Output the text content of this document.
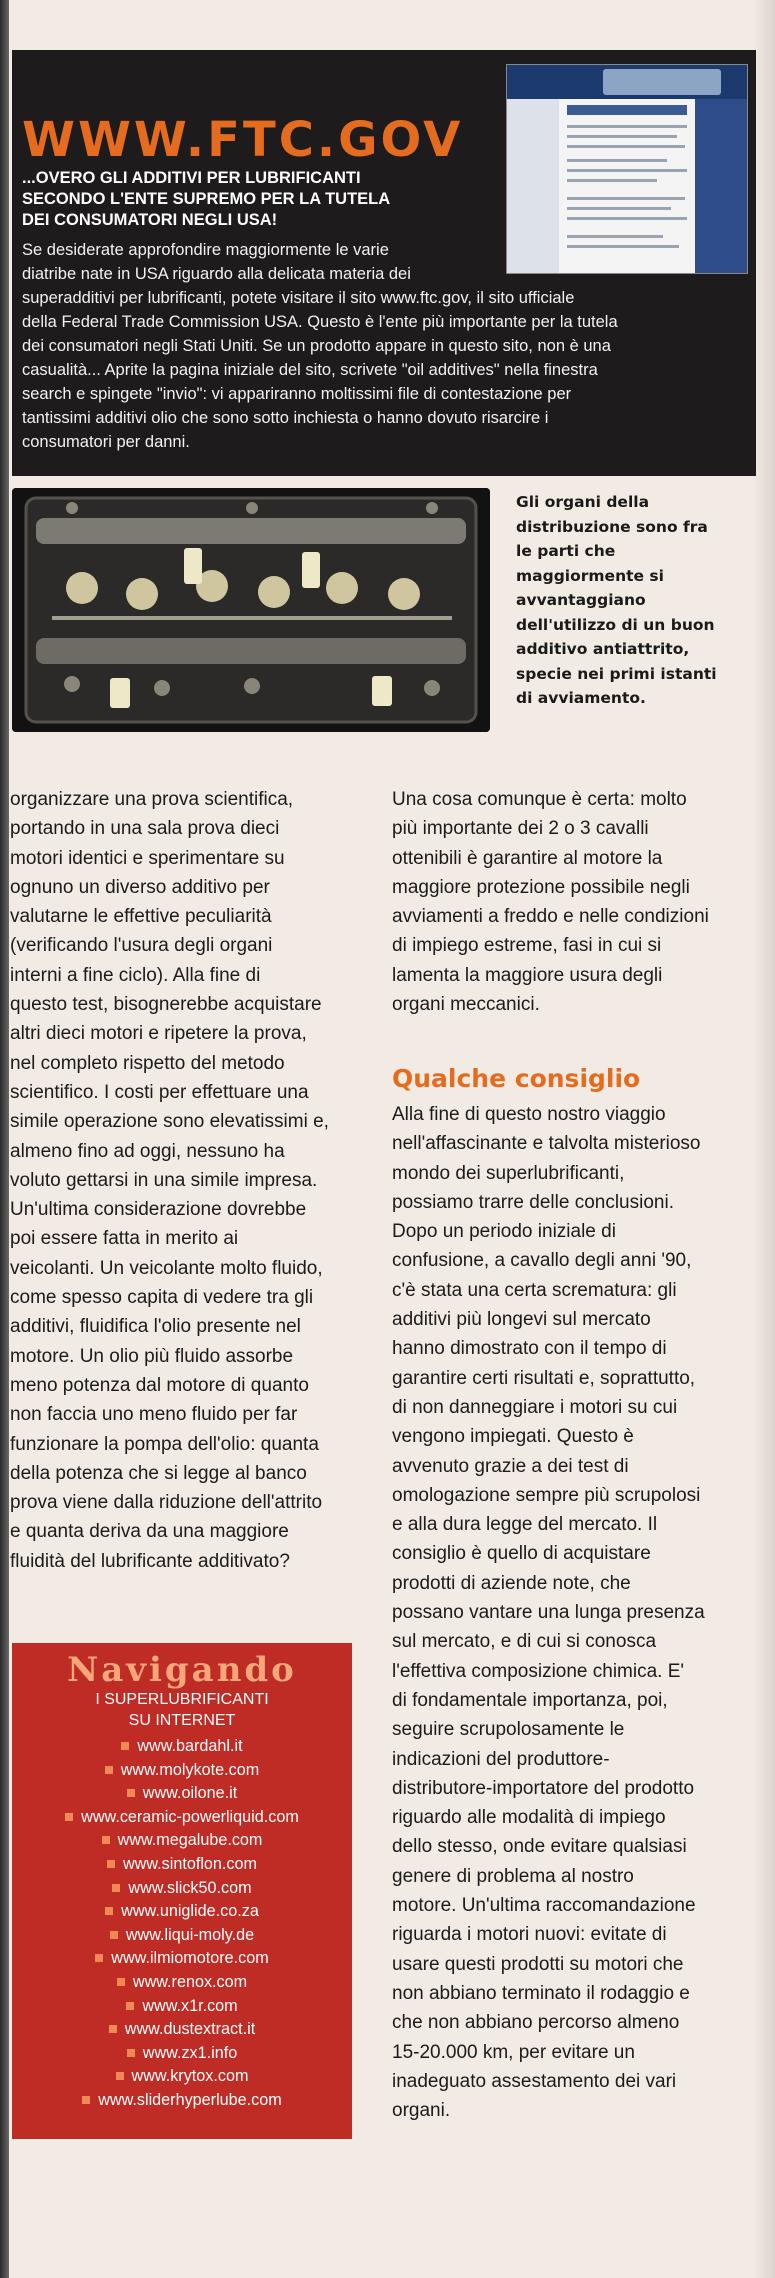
WWW.FTC.GOV
...OVERO GLI ADDITIVI PER LUBRIFICANTI
SECONDO L'ENTE SUPREMO PER LA TUTELA
DEI CONSUMATORI NEGLI USA!
Se desiderate approfondire maggiormente le varie
diatribe nate in USA riguardo alla delicata materia dei
superadditivi per lubrificanti, potete visitare il sito www.ftc.gov, il sito ufficiale
della Federal Trade Commission USA. Questo è l'ente più importante per la tutela
dei consumatori negli Stati Uniti. Se un prodotto appare in questo sito, non è una
casualità... Aprite la pagina iniziale del sito, scrivete "oil additives" nella finestra
search e spingete "invio": vi appariranno moltissimi file di contestazione per
tantissimi additivi olio che sono sotto inchiesta o hanno dovuto risarcire i
consumatori per danni.
Gli organi della
distribuzione sono fra
le parti che
maggiormente si
avvantaggiano
dell'utilizzo di un buon
additivo antiattrito,
specie nei primi istanti
di avviamento.
organizzare una prova scientifica,
portando in una sala prova dieci
motori identici e sperimentare su
ognuno un diverso additivo per
valutarne le effettive peculiarità
(verificando l'usura degli organi
interni a fine ciclo). Alla fine di
questo test, bisognerebbe acquistare
altri dieci motori e ripetere la prova,
nel completo rispetto del metodo
scientifico. I costi per effettuare una
simile operazione sono elevatissimi e,
almeno fino ad oggi, nessuno ha
voluto gettarsi in una simile impresa.
Un'ultima considerazione dovrebbe
poi essere fatta in merito ai
veicolanti. Un veicolante molto fluido,
come spesso capita di vedere tra gli
additivi, fluidifica l'olio presente nel
motore. Un olio più fluido assorbe
meno potenza dal motore di quanto
non faccia uno meno fluido per far
funzionare la pompa dell'olio: quanta
della potenza che si legge al banco
prova viene dalla riduzione dell'attrito
e quanta deriva da una maggiore
fluidità del lubrificante additivato?
Una cosa comunque è certa: molto
più importante dei 2 o 3 cavalli
ottenibili è garantire al motore la
maggiore protezione possibile negli
avviamenti a freddo e nelle condizioni
di impiego estreme, fasi in cui si
lamenta la maggiore usura degli
organi meccanici.
Qualche consiglio
Alla fine di questo nostro viaggio
nell'affascinante e talvolta misterioso
mondo dei superlubrificanti,
possiamo trarre delle conclusioni.
Dopo un periodo iniziale di
confusione, a cavallo degli anni '90,
c'è stata una certa scrematura: gli
additivi più longevi sul mercato
hanno dimostrato con il tempo di
garantire certi risultati e, soprattutto,
di non danneggiare i motori su cui
vengono impiegati. Questo è
avvenuto grazie a dei test di
omologazione sempre più scrupolosi
e alla dura legge del mercato. Il
consiglio è quello di acquistare
prodotti di aziende note, che
possano vantare una lunga presenza
sul mercato, e di cui si conosca
l'effettiva composizione chimica. E'
di fondamentale importanza, poi,
seguire scrupolosamente le
indicazioni del produttore-
distributore-importatore del prodotto
riguardo alle modalità di impiego
dello stesso, onde evitare qualsiasi
genere di problema al nostro
motore. Un'ultima raccomandazione
riguarda i motori nuovi: evitate di
usare questi prodotti su motori che
non abbiano terminato il rodaggio e
che non abbiano percorso almeno
15-20.000 km, per evitare un
inadeguato assestamento dei vari
organi.
Navigando
I SUPERLUBRIFICANTI
SU INTERNET
www.bardahl.it
www.molykote.com
www.oilone.it
www.ceramic-powerliquid.com
www.megalube.com
www.sintoflon.com
www.slick50.com
www.uniglide.co.za
www.liqui-moly.de
www.ilmiomotore.com
www.renox.com
www.x1r.com
www.dustextract.it
www.zx1.info
www.krytox.com
www.sliderhyperlube.com
